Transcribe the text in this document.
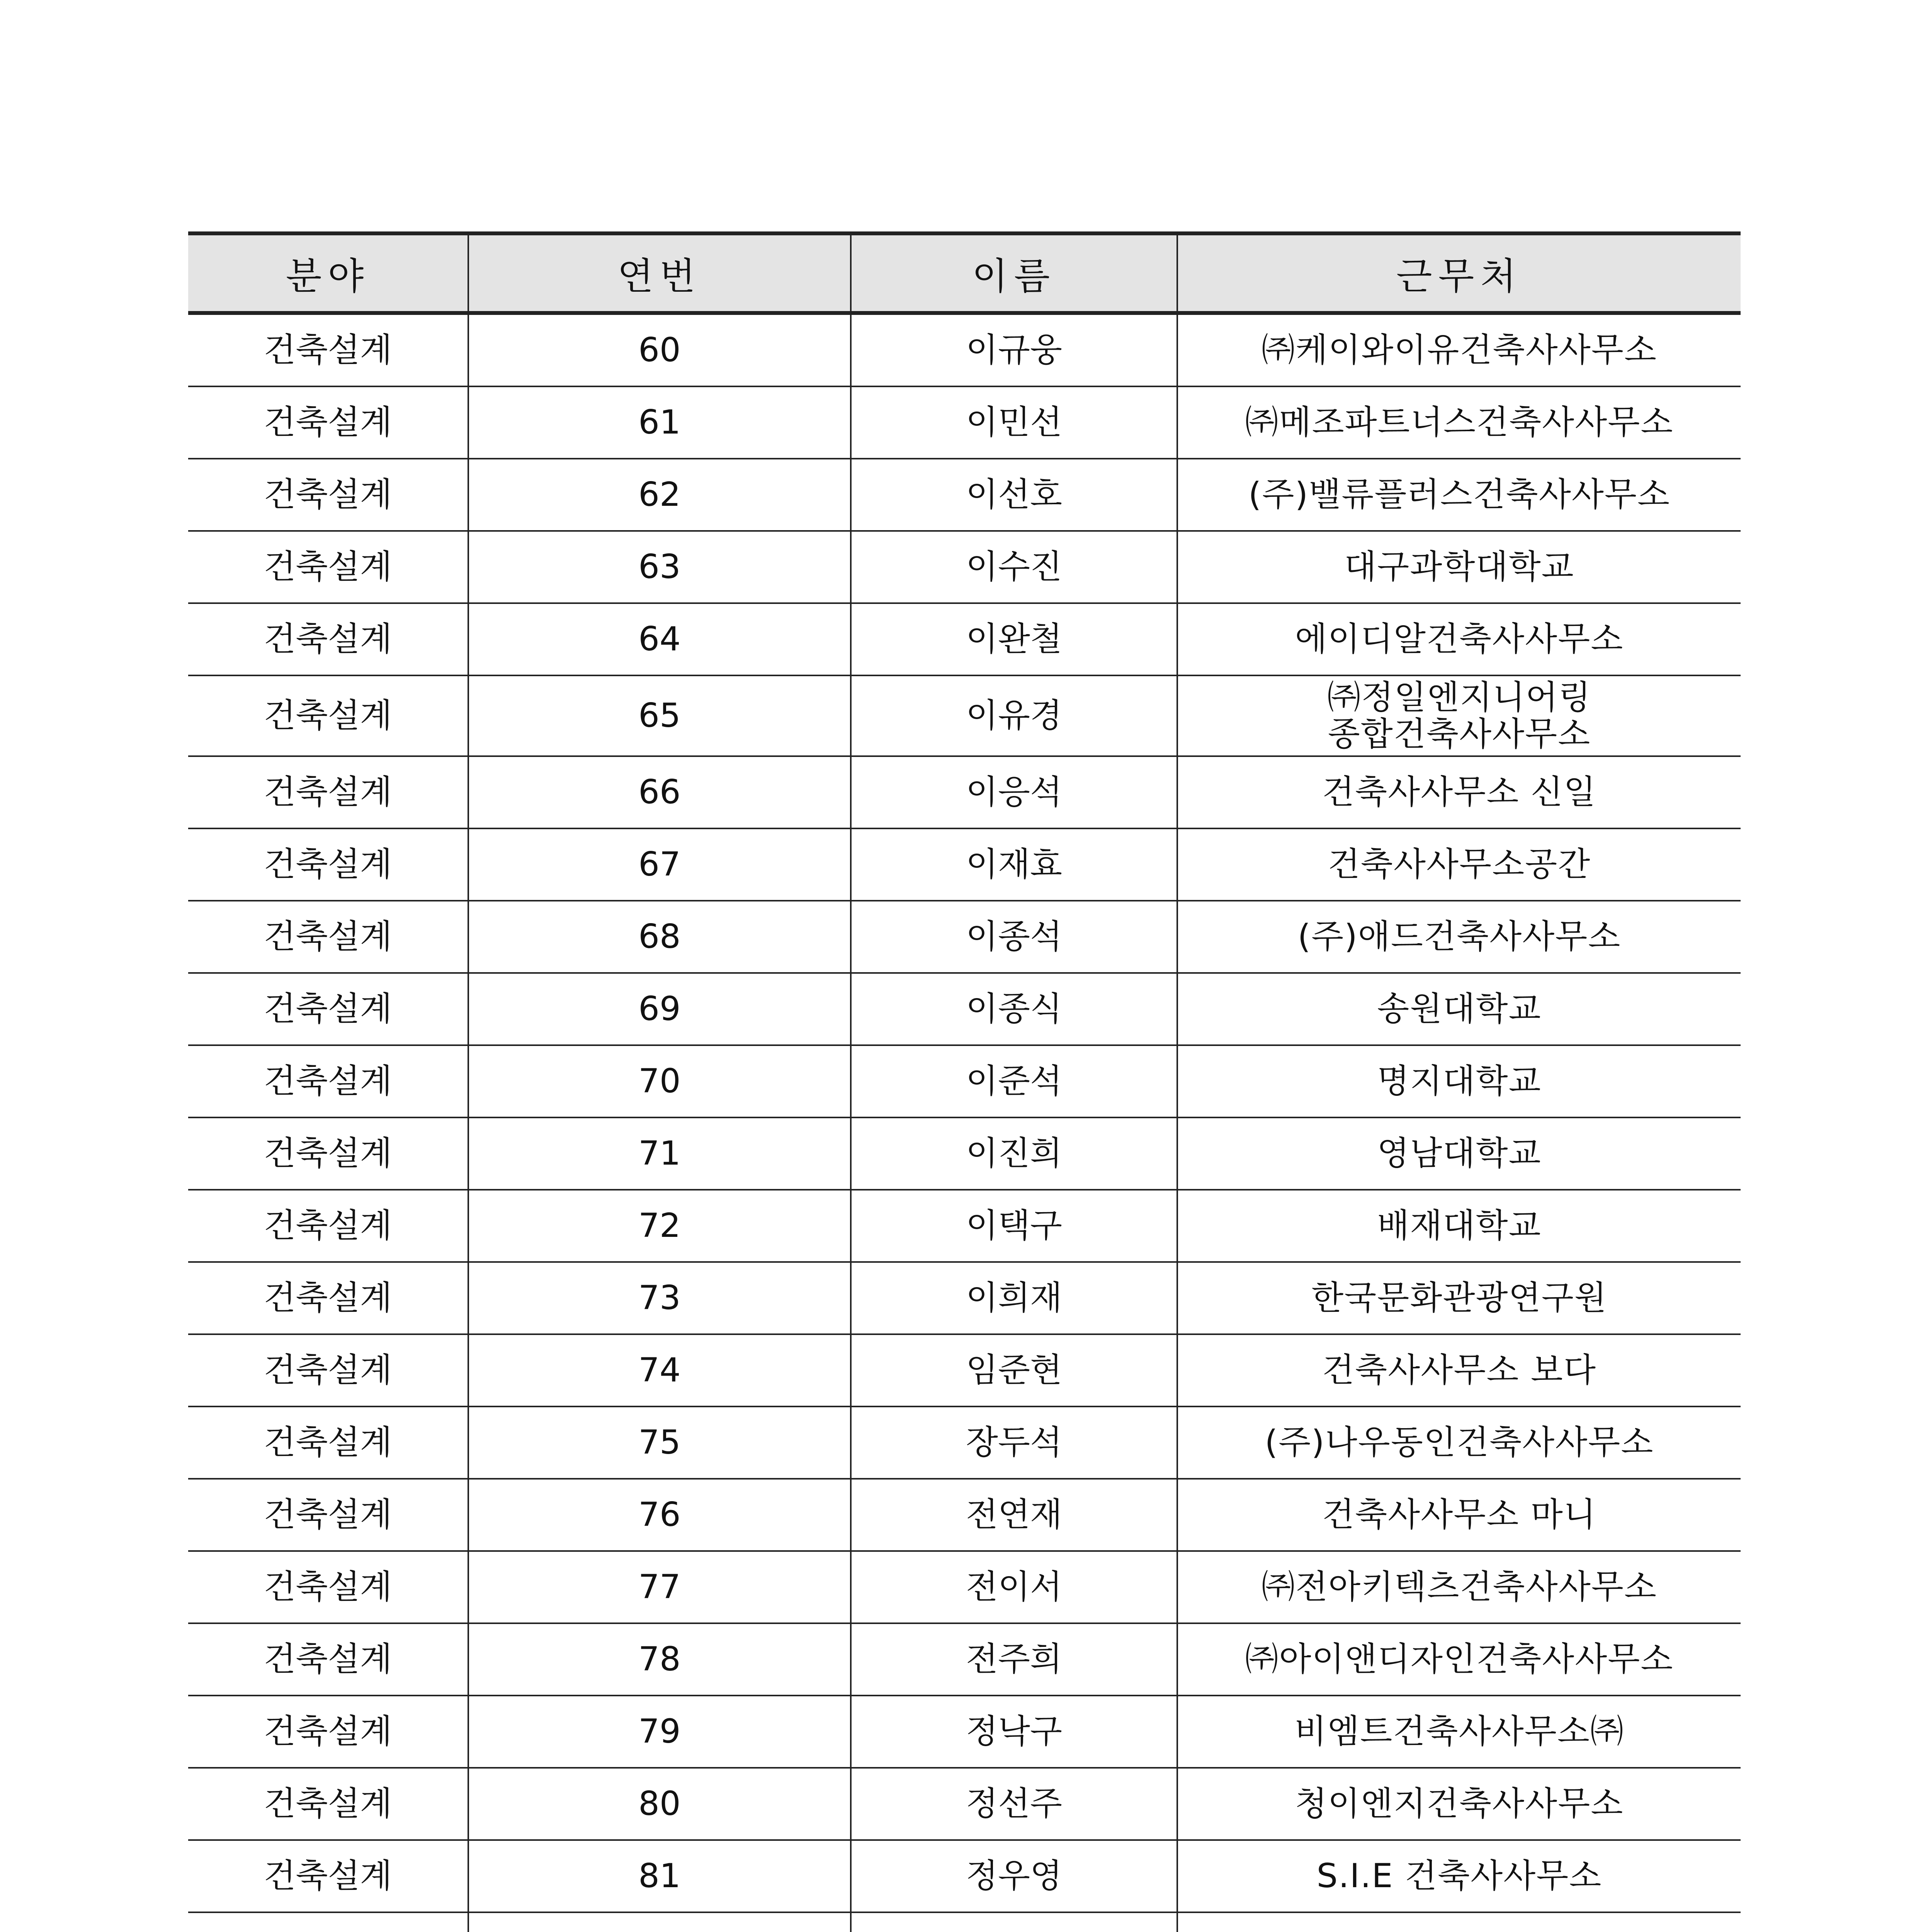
분야	연번	이름	근무처
건축설계	60	이규웅	㈜케이와이유건축사사무소
건축설계	61	이민선	㈜메조파트너스건축사사무소
건축설계	62	이선호	(주)밸류플러스건축사사무소
건축설계	63	이수진	대구과학대학교
건축설계	64	이완철	에이디알건축사사무소
건축설계	65	이유경	㈜정일엔지니어링
종합건축사사무소
건축설계	66	이응석	건축사사무소 신일
건축설계	67	이재효	건축사사무소공간
건축설계	68	이종석	(주)애드건축사사무소
건축설계	69	이종식	송원대학교
건축설계	70	이준석	명지대학교
건축설계	71	이진희	영남대학교
건축설계	72	이택구	배재대학교
건축설계	73	이희재	한국문화관광연구원
건축설계	74	임준현	건축사사무소 보다
건축설계	75	장두석	(주)나우동인건축사사무소
건축설계	76	전연재	건축사사무소 마니
건축설계	77	전이서	㈜전아키텍츠건축사사무소
건축설계	78	전주희	㈜아이앤디자인건축사사무소
건축설계	79	정낙구	비엠트건축사사무소㈜
건축설계	80	정선주	청이엔지건축사사무소
건축설계	81	정우영	S.I.E 건축사사무소
